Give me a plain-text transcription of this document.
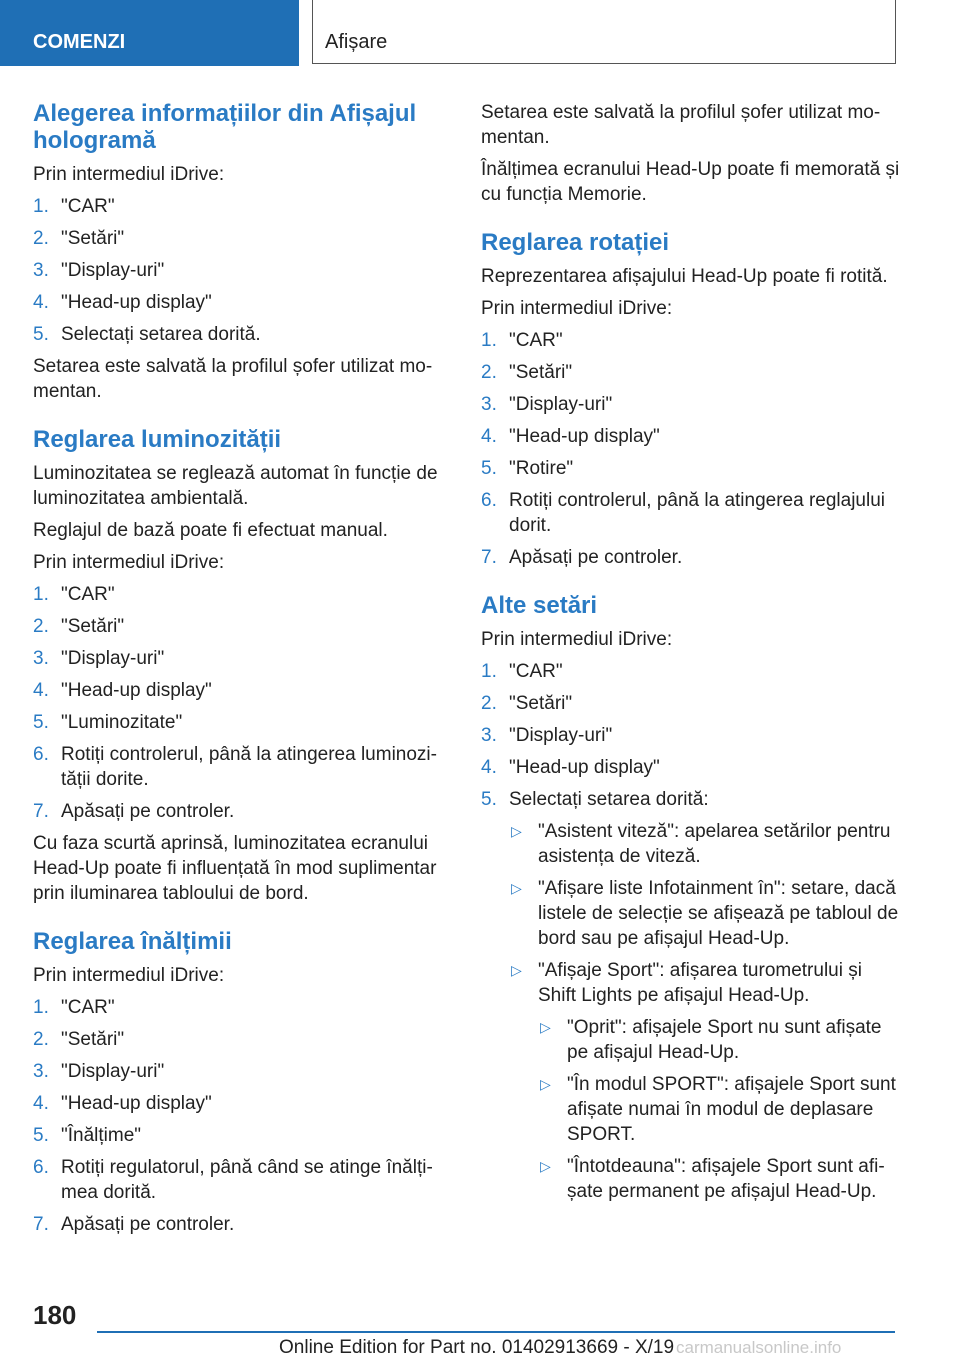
COMENZI	Afișare
Alegerea informațiilor din Afișajul hologramă

Prin intermediul iDrive:

1. "CAR"
2. "Setări"
3. "Display-uri"
4. "Head-up display"
5. Selectați setarea dorită.

Setarea este salvată la profilul șofer utilizat momentan.

Reglarea luminozității

Luminozitatea se reglează automat în funcție de luminozitatea ambientală.

Reglajul de bază poate fi efectuat manual.

Prin intermediul iDrive:

1. "CAR"
2. "Setări"
3. "Display-uri"
4. "Head-up display"
5. "Luminozitate"
6. Rotiți controlerul, până la atingerea luminozității dorite.
7. Apăsați pe controler.

Cu faza scurtă aprinsă, luminozitatea ecranului Head-Up poate fi influențată în mod suplimentar prin iluminarea tabloului de bord.

Reglarea înălțimii

Prin intermediul iDrive:

1. "CAR"
2. "Setări"
3. "Display-uri"
4. "Head-up display"
5. "Înălțime"
6. Rotiți regulatorul, până când se atinge înălțimea dorită.
7. Apăsați pe controler.

Setarea este salvată la profilul șofer utilizat momentan.

Înălțimea ecranului Head-Up poate fi memorată și cu funcția Memorie.

Reglarea rotației

Reprezentarea afișajului Head-Up poate fi rotită.

Prin intermediul iDrive:

1. "CAR"
2. "Setări"
3. "Display-uri"
4. "Head-up display"
5. "Rotire"
6. Rotiți controlerul, până la atingerea reglajului dorit.
7. Apăsați pe controler.
Alte setări

Prin intermediul iDrive:

1. "CAR"
2. "Setări"
3. "Display-uri"
4. "Head-up display"
5. Selectați setarea dorită:
▷ "Asistent viteză": apelarea setărilor pentru asistența de viteză.
▷ "Afișare liste Infotainment în": setare, dacă listele de selecție se afișează pe tabloul de bord sau pe afișajul Head-Up.
▷ "Afișaje Sport": afișarea turometrului și Shift Lights pe afișajul Head-Up.
▷ "Oprit": afișajele Sport nu sunt afișate pe afișajul Head-Up.
▷ "În modul SPORT": afișajele Sport sunt afișate numai în modul de deplasare SPORT.
▷ "Întotdeauna": afișajele Sport sunt afișate permanent pe afișajul Head-Up.
180
Online Edition for Part no. 01402913669 - X/19 carmanualsonline.info
